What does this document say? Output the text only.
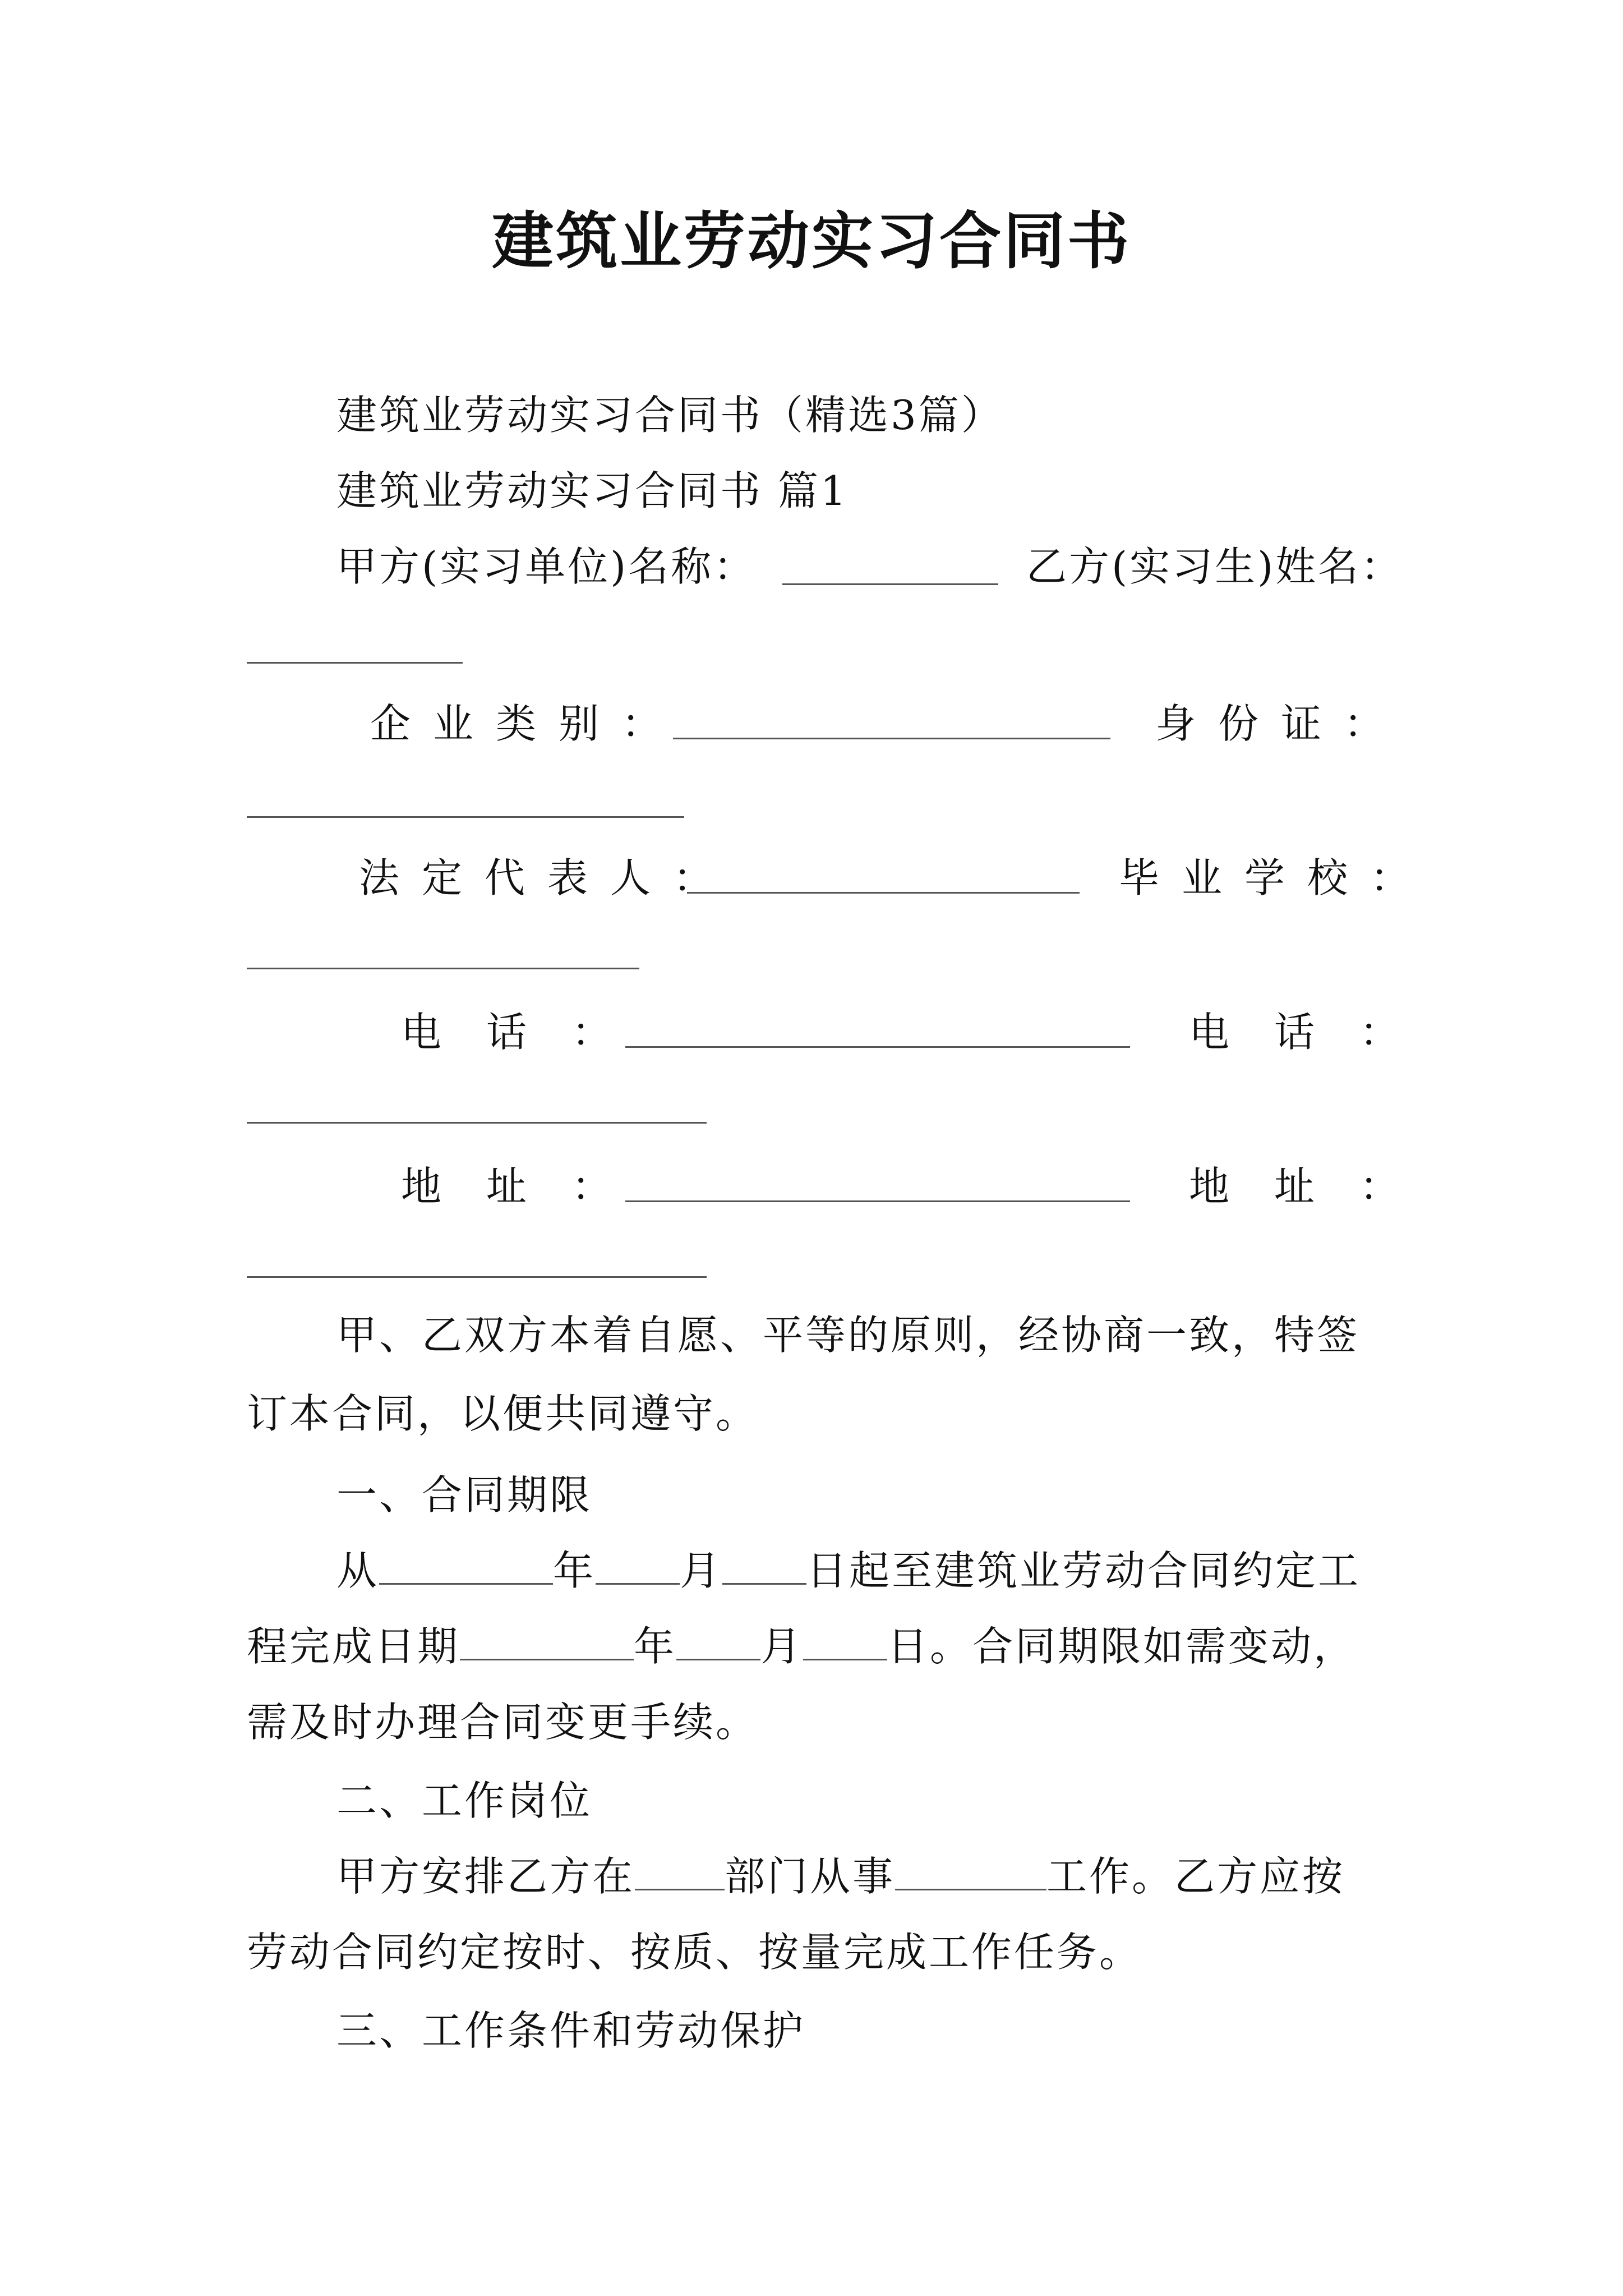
建筑业劳动实习合同书
建筑业劳动实习合同书（精选3篇）
建筑业劳动实习合同书 篇1
甲方(实习单位)名称：	乙方(实习生)姓名：
企业类别：	身份证：
法定代表人：	毕业学校：
电话：	电话：
地址：	地址：
甲、乙双方本着自愿、平等的原则，经协商一致，特签
订本合同，以便共同遵守。
一、合同期限
从	年 月 日起至建筑业劳动合同约定工
程完成日期	年 月 日。合同期限如需变动，
需及时办理合同变更手续。
二、工作岗位
甲方安排乙方在 部门从事	工作。乙方应按
劳动合同约定按时、按质、按量完成工作任务。
三、工作条件和劳动保护
